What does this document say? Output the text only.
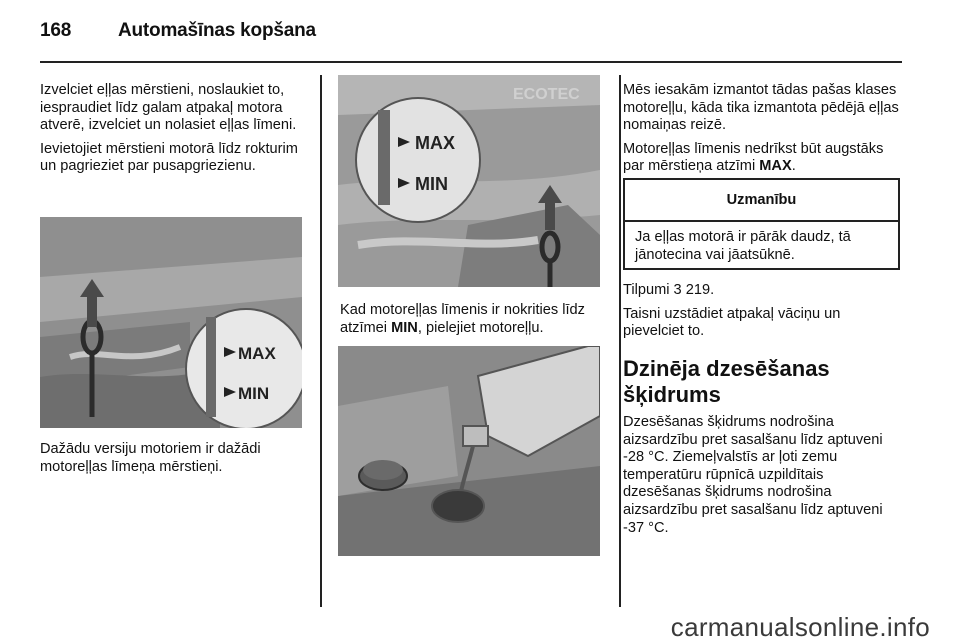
168 Automašīnas kopšana

Izvelciet eļļas mērstieni, noslaukiet to, iespraudiet līdz galam atpakaļ motora atverē, izvelciet un nolasiet eļļas līmeni.

Ievietojiet mērstieni motorā līdz rokturim un pagrieziet par pusapgriezienu.

MAX
MIN

Dažādu versiju motoriem ir dažādi motoreļļas līmeņa mērstieņi.

ECOTEC
MAX
MIN

Kad motoreļļas līmenis ir nokrities līdz atzīmei MIN, pielejiet motoreļļu.

Mēs iesakām izmantot tādas pašas klases motoreļļu, kāda tika izmantota pēdējā eļļas nomaiņas reizē.

Motoreļļas līmenis nedrīkst būt augstāks par mērstieņa atzīmi MAX.

Uzmanību
Ja eļļas motorā ir pārāk daudz, tā jānotecina vai jāatsūknē.

Tilpumi 3 219.

Taisni uzstādiet atpakaļ vāciņu un pievelciet to.

Dzinēja dzesēšanas šķidrums

Dzesēšanas šķidrums nodrošina aizsardzību pret sasalšanu līdz aptuveni -28 °C. Ziemeļvalstīs ar ļoti zemu temperatūru rūpnīcā uzpildītais dzesēšanas šķidrums nodrošina aizsardzību pret sasalšanu līdz aptuveni -37 °C.

carmanualsonline.info
